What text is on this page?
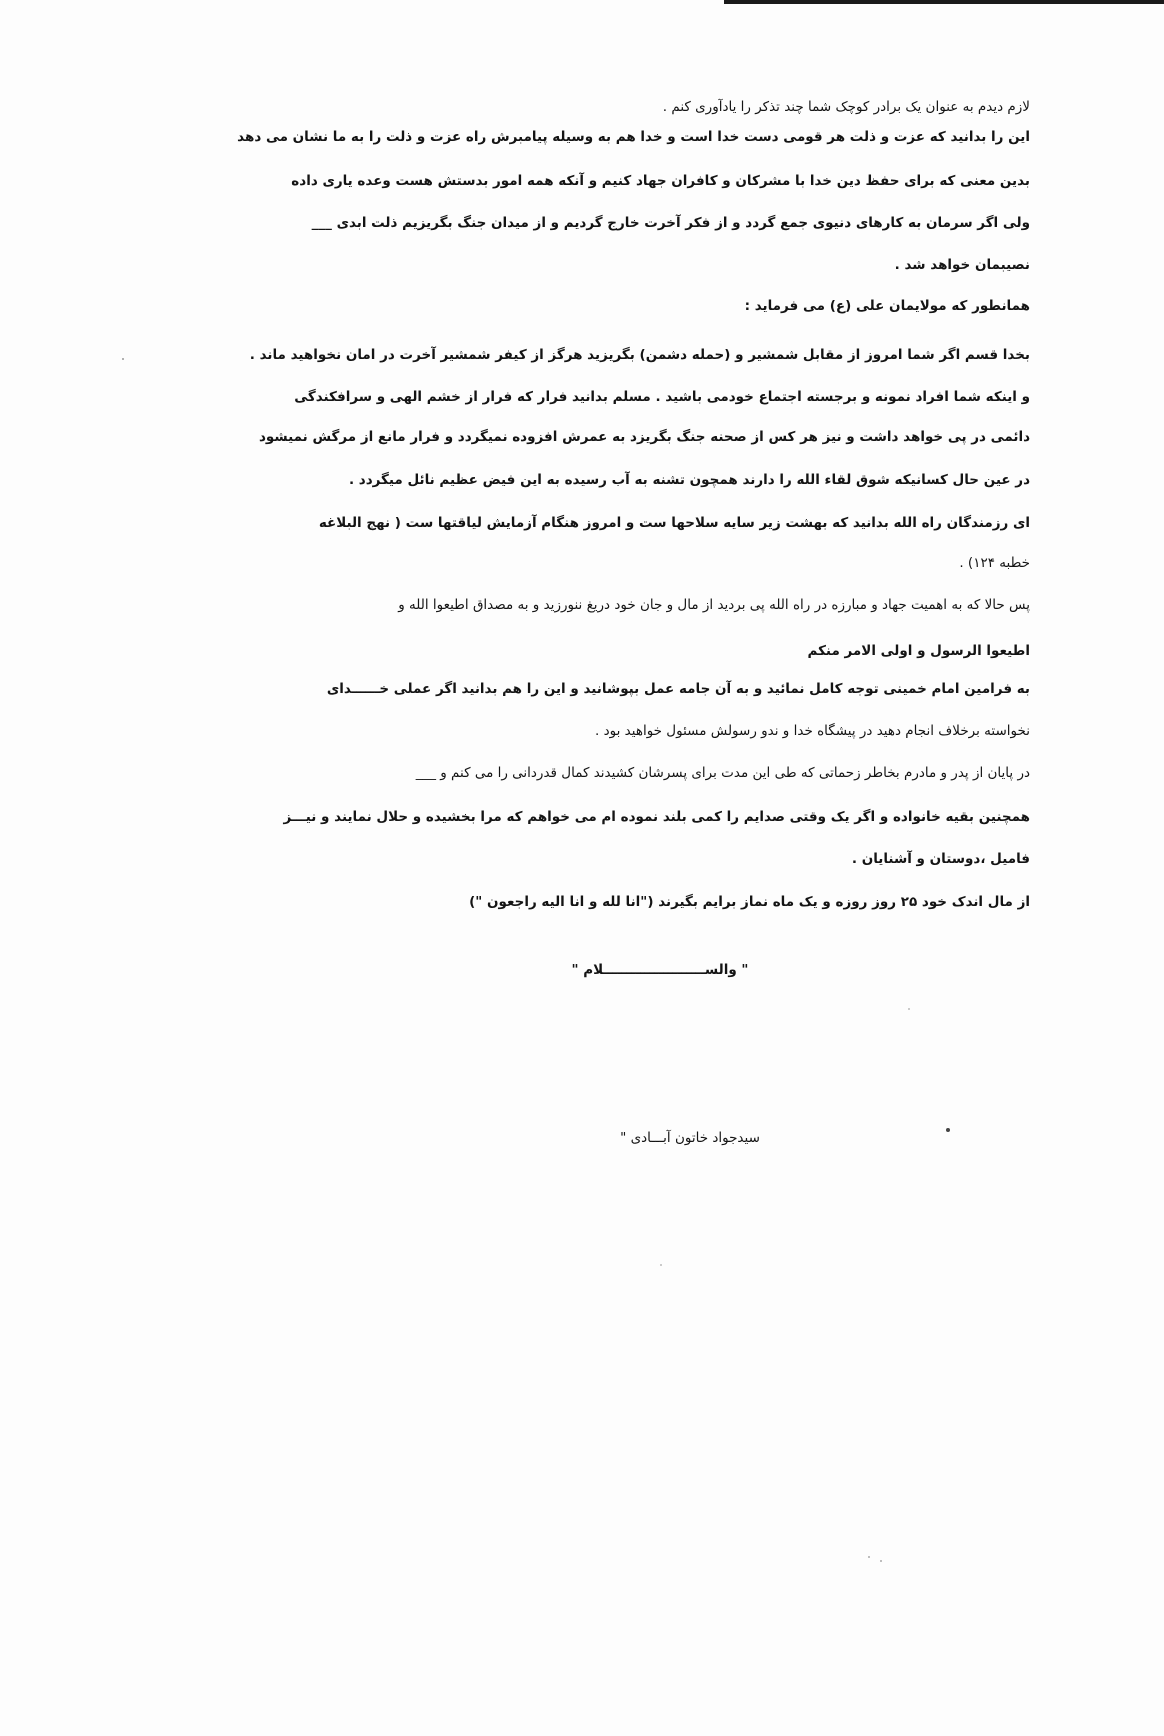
لازم دیدم به عنوان یک برادر کوچک شما چند تذکر را یادآوری کنم .
این را بدانید که عزت و ذلت هر قومی دست خدا است و خدا هم به وسیله پیامبرش راه عزت و ذلت را به ما نشان می دهد
بدین معنی که برای حفظ دین خدا با مشرکان و کافران جهاد کنیم و آنکه همه امور بدستش هست وعده یاری داده
ولی اگر سرمان به کارهای دنیوی جمع گردد و از فکر آخرت خارج گردیم و از میدان جنگ بگریزیم ذلت ابدی ___
نصیبمان خواهد شد .
همانطور که مولایمان علی (ع) می فرماید :
بخدا قسم اگر شما امروز از مقابل شمشیر و (حمله دشمن) بگریزید هرگز از کیفر شمشیر آخرت در امان نخواهید ماند .
و اینکه شما افراد نمونه و برجسته اجتماع خودمی باشید . مسلم بدانید فرار که فرار از خشم الهی و سرافکندگی
دائمی در پی خواهد داشت و نیز هر کس از صحنه جنگ بگریزد به عمرش افزوده نمیگردد و فرار مانع از مرگش نمیشود
در عین حال کسانیکه شوق لقاء الله را دارند همچون تشنه به آب رسیده به این فیض عظیم نائل میگردد .
ای رزمندگان راه الله بدانید که بهشت زیر سایه سلاحها ست و امروز هنگام آزمایش لیاقتها ست ( نهج البلاغه
خطبه ۱۲۴) .
پس حالا که به اهمیت جهاد و مبارزه در راه الله پی بردید از مال و جان خود دریغ ننورزید و به مصداق اطیعوا الله و
اطیعوا الرسول و اولی الامر منکم
به فرامین امام خمینی توجه کامل نمائید و به آن جامه عمل بپوشانید و این را هم بدانید اگر عملی خــــــدای
نخواسته برخلاف انجام دهید در پیشگاه خدا و ندو رسولش مسئول خواهید بود .
در پایان از پدر و مادرم بخاطر زحماتی که طی این مدت برای پسرشان کشیدند کمال قدردانی را می کنم و ___
همچنین بقیه خانواده و اگر یک وقتی صدایم را کمی بلند نموده ام می خواهم که مرا بخشیده و حلال نمایند و نیـــز
فامیل ،دوستان و آشنایان .
از مال اندک خود ۲۵ روز روزه و یک ماه نماز برایم بگیرند ("انا لله و انا الیه راجعون ")
" والســــــــــــــــــــــلام "
سیدجواد خاتون آبـــادی "
